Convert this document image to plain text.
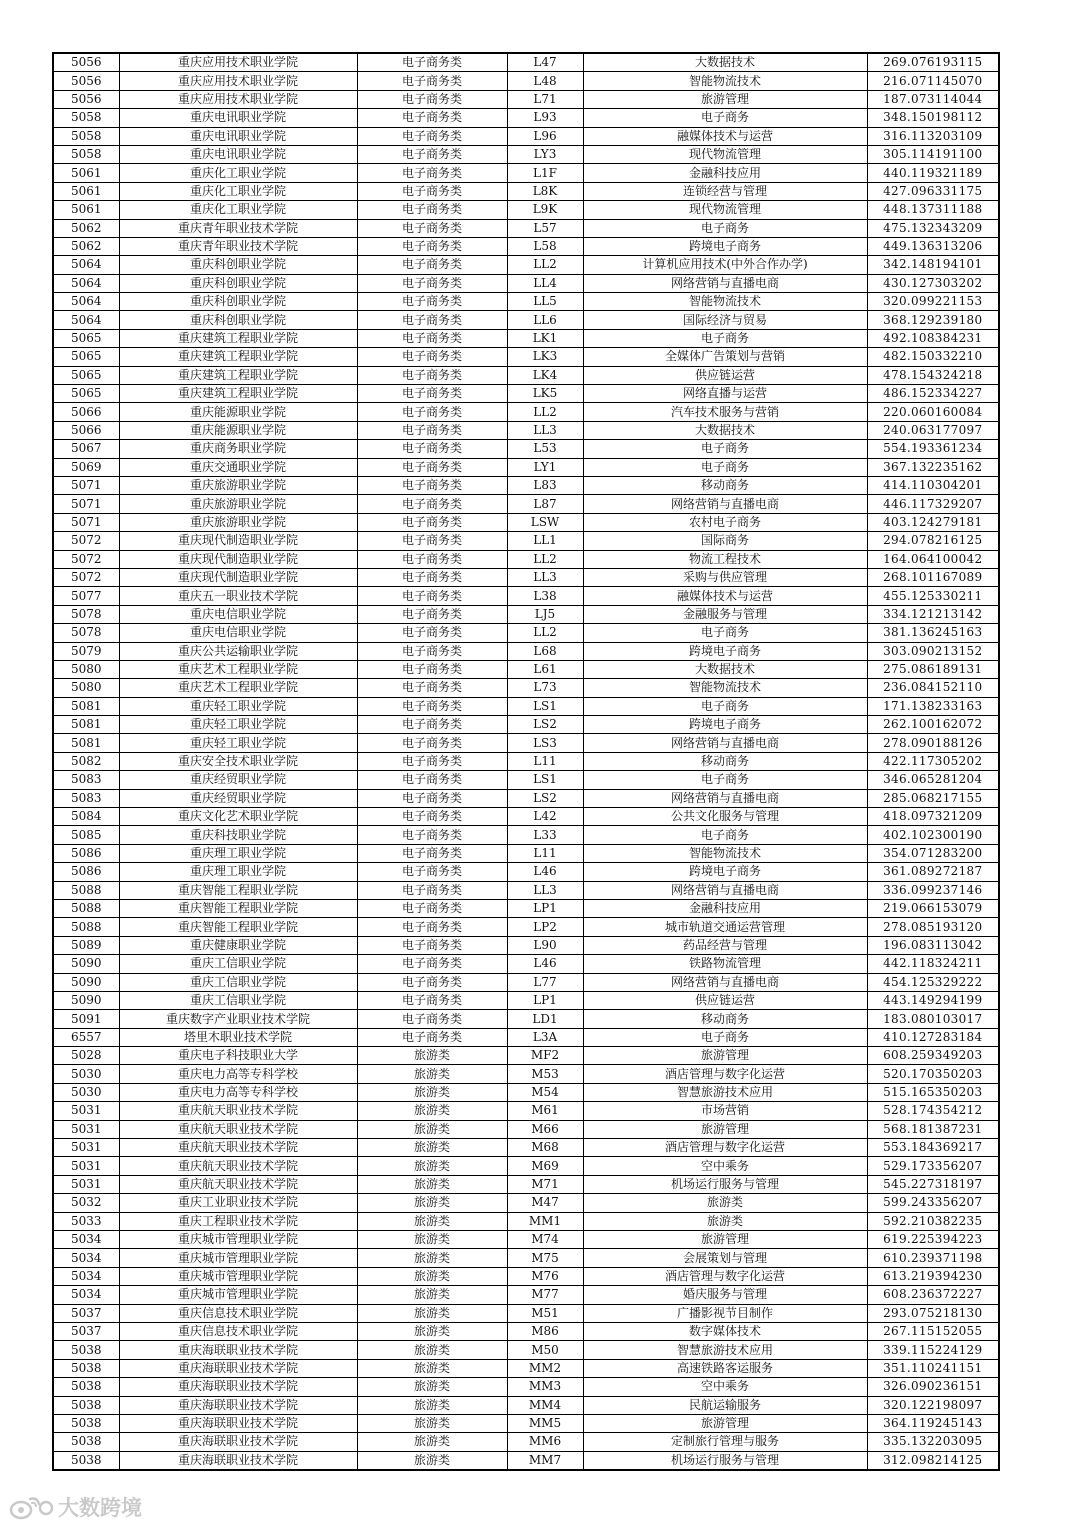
5056	重庆应用技术职业学院	电子商务类	L47	大数据技术	269.076193115
5056	重庆应用技术职业学院	电子商务类	L48	智能物流技术	216.071145070
5056	重庆应用技术职业学院	电子商务类	L71	旅游管理	187.073114044
5058	重庆电讯职业学院	电子商务类	L93	电子商务	348.150198112
5058	重庆电讯职业学院	电子商务类	L96	融媒体技术与运营	316.113203109
5058	重庆电讯职业学院	电子商务类	LY3	现代物流管理	305.114191100
5061	重庆化工职业学院	电子商务类	L1F	金融科技应用	440.119321189
5061	重庆化工职业学院	电子商务类	L8K	连锁经营与管理	427.096331175
5061	重庆化工职业学院	电子商务类	L9K	现代物流管理	448.137311188
5062	重庆青年职业技术学院	电子商务类	L57	电子商务	475.132343209
5062	重庆青年职业技术学院	电子商务类	L58	跨境电子商务	449.136313206
5064	重庆科创职业学院	电子商务类	LL2	计算机应用技术(中外合作办学)	342.148194101
5064	重庆科创职业学院	电子商务类	LL4	网络营销与直播电商	430.127303202
5064	重庆科创职业学院	电子商务类	LL5	智能物流技术	320.099221153
5064	重庆科创职业学院	电子商务类	LL6	国际经济与贸易	368.129239180
5065	重庆建筑工程职业学院	电子商务类	LK1	电子商务	492.108384231
5065	重庆建筑工程职业学院	电子商务类	LK3	全媒体广告策划与营销	482.150332210
5065	重庆建筑工程职业学院	电子商务类	LK4	供应链运营	478.154324218
5065	重庆建筑工程职业学院	电子商务类	LK5	网络直播与运营	486.152334227
5066	重庆能源职业学院	电子商务类	LL2	汽车技术服务与营销	220.060160084
5066	重庆能源职业学院	电子商务类	LL3	大数据技术	240.063177097
5067	重庆商务职业学院	电子商务类	L53	电子商务	554.193361234
5069	重庆交通职业学院	电子商务类	LY1	电子商务	367.132235162
5071	重庆旅游职业学院	电子商务类	L83	移动商务	414.110304201
5071	重庆旅游职业学院	电子商务类	L87	网络营销与直播电商	446.117329207
5071	重庆旅游职业学院	电子商务类	LSW	农村电子商务	403.124279181
5072	重庆现代制造职业学院	电子商务类	LL1	国际商务	294.078216125
5072	重庆现代制造职业学院	电子商务类	LL2	物流工程技术	164.064100042
5072	重庆现代制造职业学院	电子商务类	LL3	采购与供应管理	268.101167089
5077	重庆五一职业技术学院	电子商务类	L38	融媒体技术与运营	455.125330211
5078	重庆电信职业学院	电子商务类	LJ5	金融服务与管理	334.121213142
5078	重庆电信职业学院	电子商务类	LL2	电子商务	381.136245163
5079	重庆公共运输职业学院	电子商务类	L68	跨境电子商务	303.090213152
5080	重庆艺术工程职业学院	电子商务类	L61	大数据技术	275.086189131
5080	重庆艺术工程职业学院	电子商务类	L73	智能物流技术	236.084152110
5081	重庆轻工职业学院	电子商务类	LS1	电子商务	171.138233163
5081	重庆轻工职业学院	电子商务类	LS2	跨境电子商务	262.100162072
5081	重庆轻工职业学院	电子商务类	LS3	网络营销与直播电商	278.090188126
5082	重庆安全技术职业学院	电子商务类	L11	移动商务	422.117305202
5083	重庆经贸职业学院	电子商务类	LS1	电子商务	346.065281204
5083	重庆经贸职业学院	电子商务类	LS2	网络营销与直播电商	285.068217155
5084	重庆文化艺术职业学院	电子商务类	L42	公共文化服务与管理	418.097321209
5085	重庆科技职业学院	电子商务类	L33	电子商务	402.102300190
5086	重庆理工职业学院	电子商务类	L11	智能物流技术	354.071283200
5086	重庆理工职业学院	电子商务类	L46	跨境电子商务	361.089272187
5088	重庆智能工程职业学院	电子商务类	LL3	网络营销与直播电商	336.099237146
5088	重庆智能工程职业学院	电子商务类	LP1	金融科技应用	219.066153079
5088	重庆智能工程职业学院	电子商务类	LP2	城市轨道交通运营管理	278.085193120
5089	重庆健康职业学院	电子商务类	L90	药品经营与管理	196.083113042
5090	重庆工信职业学院	电子商务类	L46	铁路物流管理	442.118324211
5090	重庆工信职业学院	电子商务类	L77	网络营销与直播电商	454.125329222
5090	重庆工信职业学院	电子商务类	LP1	供应链运营	443.149294199
5091	重庆数字产业职业技术学院	电子商务类	LD1	移动商务	183.080103017
6557	塔里木职业技术学院	电子商务类	L3A	电子商务	410.127283184
5028	重庆电子科技职业大学	旅游类	MF2	旅游管理	608.259349203
5030	重庆电力高等专科学校	旅游类	M53	酒店管理与数字化运营	520.170350203
5030	重庆电力高等专科学校	旅游类	M54	智慧旅游技术应用	515.165350203
5031	重庆航天职业技术学院	旅游类	M61	市场营销	528.174354212
5031	重庆航天职业技术学院	旅游类	M66	旅游管理	568.181387231
5031	重庆航天职业技术学院	旅游类	M68	酒店管理与数字化运营	553.184369217
5031	重庆航天职业技术学院	旅游类	M69	空中乘务	529.173356207
5031	重庆航天职业技术学院	旅游类	M71	机场运行服务与管理	545.227318197
5032	重庆工业职业技术学院	旅游类	M47	旅游类	599.243356207
5033	重庆工程职业技术学院	旅游类	MM1	旅游类	592.210382235
5034	重庆城市管理职业学院	旅游类	M74	旅游管理	619.225394223
5034	重庆城市管理职业学院	旅游类	M75	会展策划与管理	610.239371198
5034	重庆城市管理职业学院	旅游类	M76	酒店管理与数字化运营	613.219394230
5034	重庆城市管理职业学院	旅游类	M77	婚庆服务与管理	608.236372227
5037	重庆信息技术职业学院	旅游类	M51	广播影视节目制作	293.075218130
5037	重庆信息技术职业学院	旅游类	M86	数字媒体技术	267.115152055
5038	重庆海联职业技术学院	旅游类	M50	智慧旅游技术应用	339.115224129
5038	重庆海联职业技术学院	旅游类	MM2	高速铁路客运服务	351.110241151
5038	重庆海联职业技术学院	旅游类	MM3	空中乘务	326.090236151
5038	重庆海联职业技术学院	旅游类	MM4	民航运输服务	320.122198097
5038	重庆海联职业技术学院	旅游类	MM5	旅游管理	364.119245143
5038	重庆海联职业技术学院	旅游类	MM6	定制旅行管理与服务	335.132203095
5038	重庆海联职业技术学院	旅游类	MM7	机场运行服务与管理	312.098214125
大数跨境
